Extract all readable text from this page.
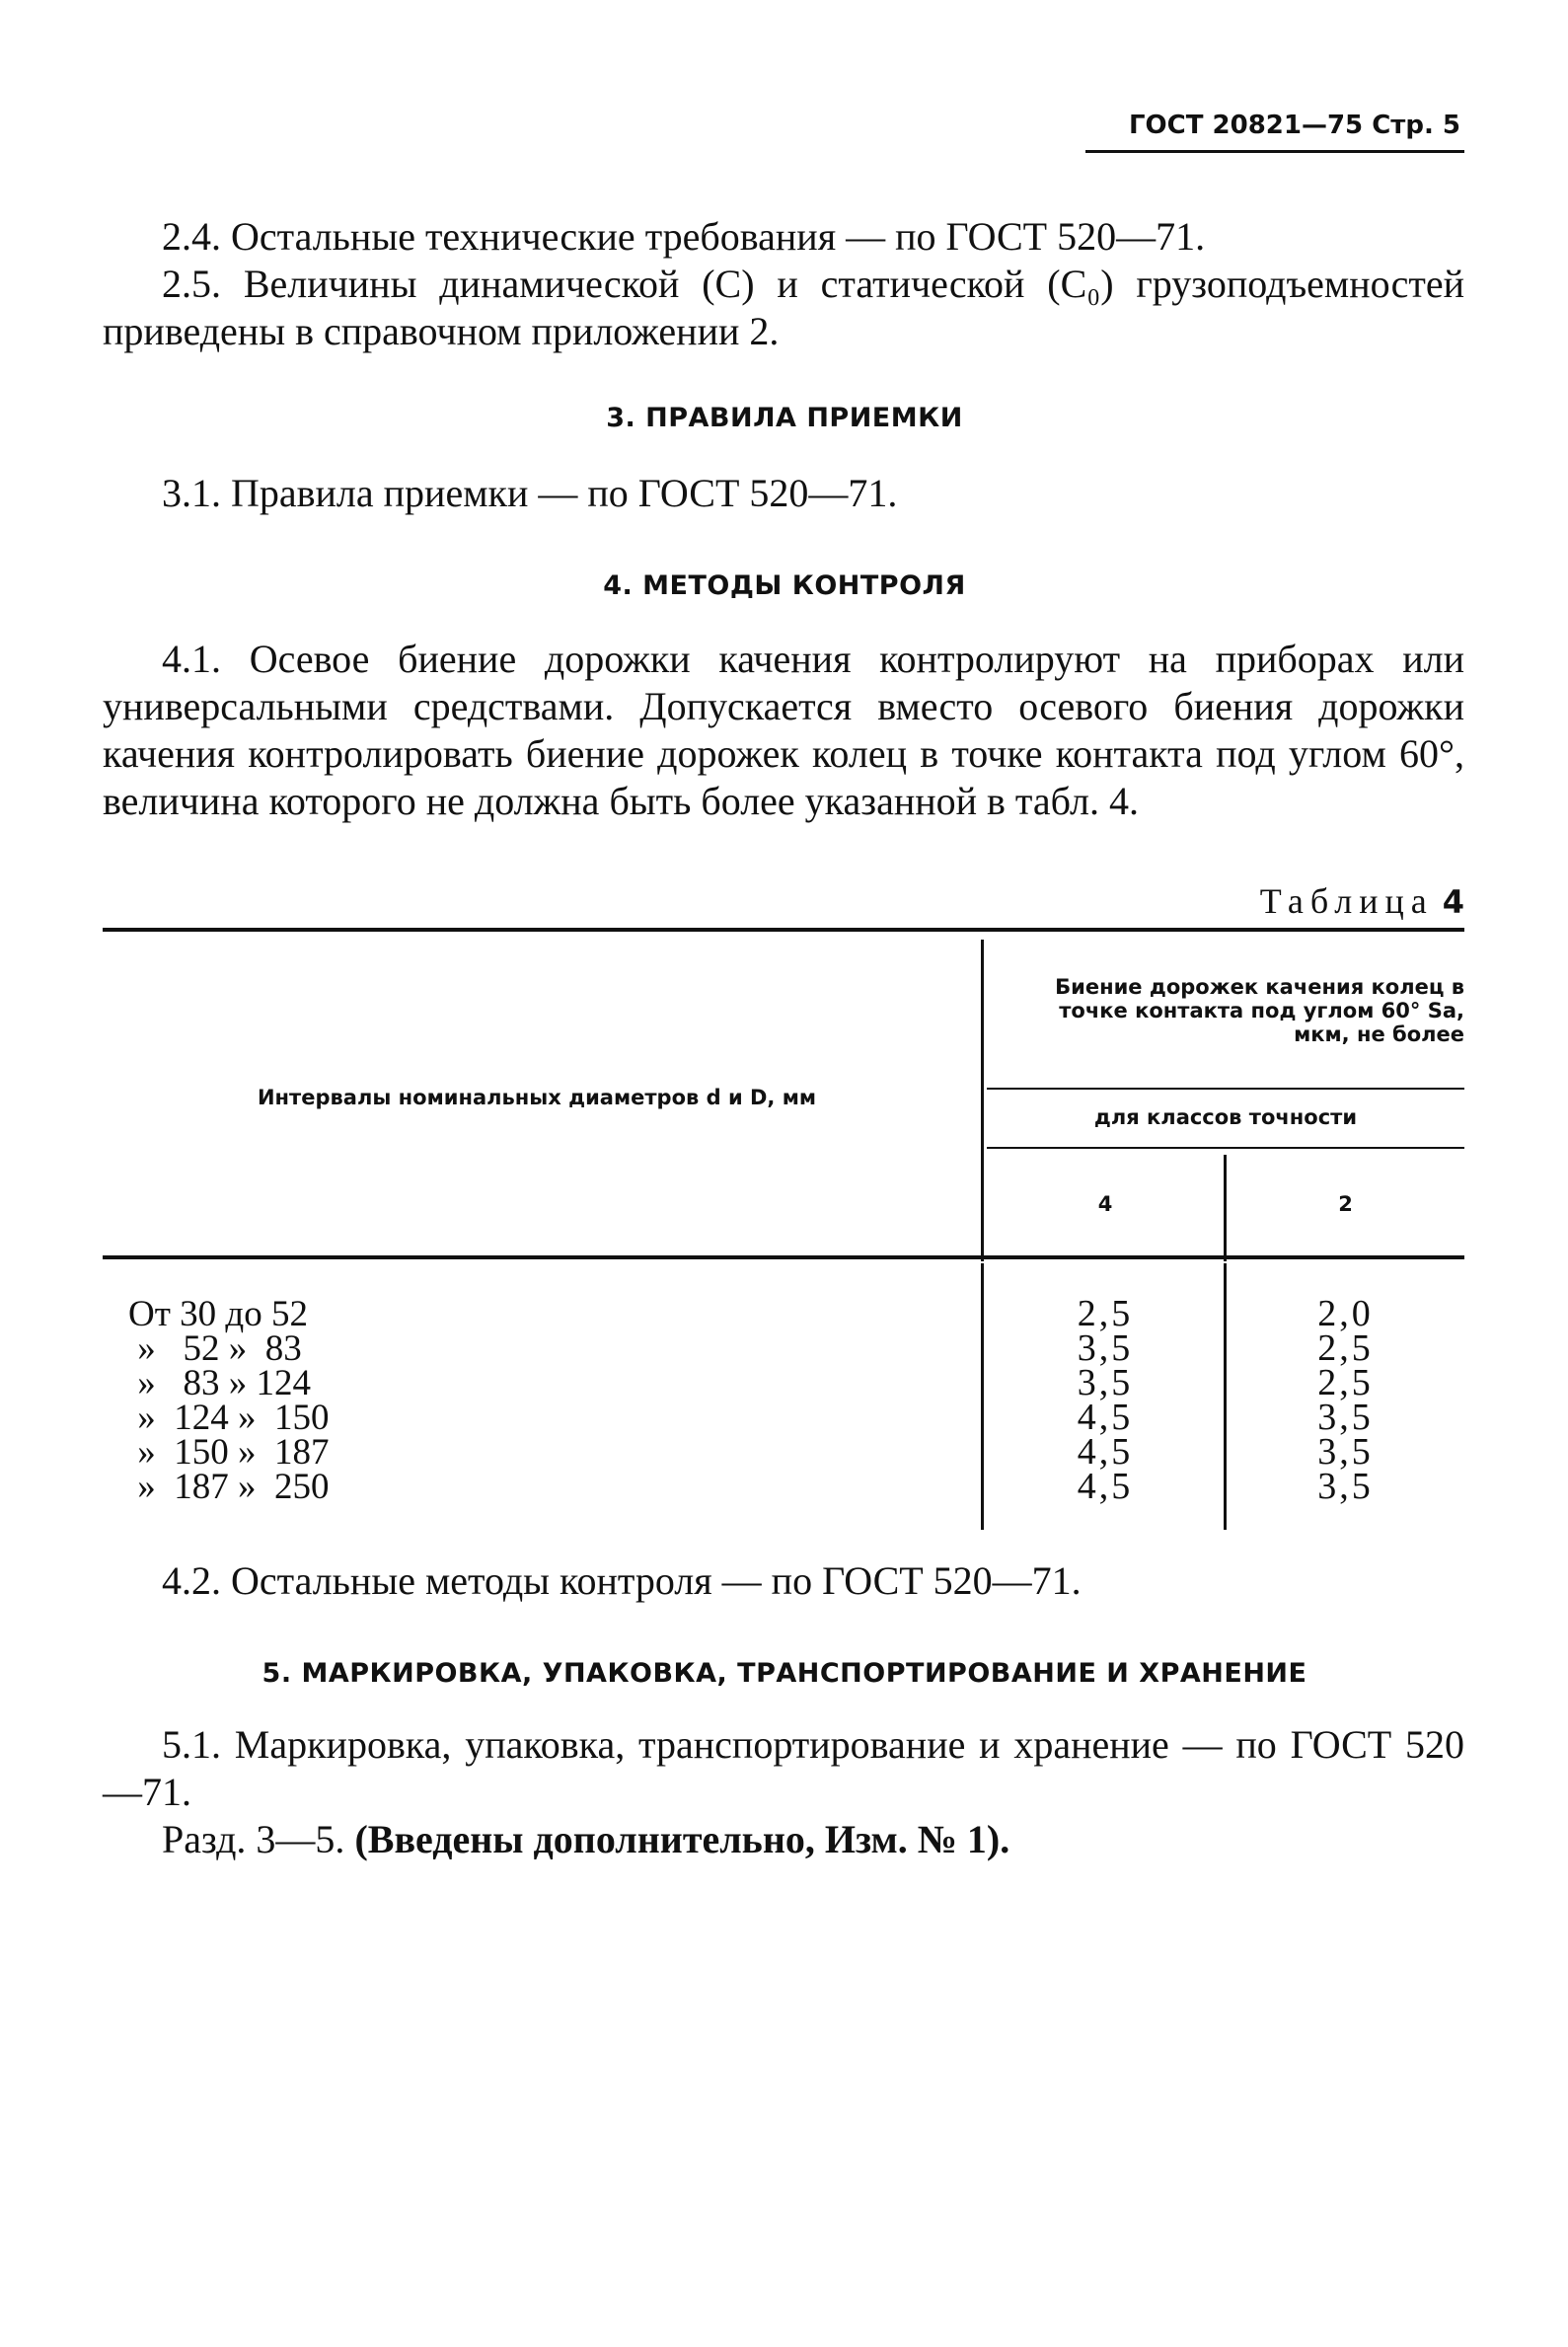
ГОСТ 20821—75 Стр. 5

2.4. Остальные технические требования — по ГОСТ 520—71.

2.5. Величины динамической (C) и статической (C₀) грузоподъемностей приведены в справочном приложении 2.

3. ПРАВИЛА ПРИЕМКИ

3.1. Правила приемки — по ГОСТ 520—71.

4. МЕТОДЫ КОНТРОЛЯ

4.1. Осевое биение дорожки качения контролируют на приборах или универсальными средствами. Допускается вместо осевого биения дорожки качения контролировать биение дорожек колец в точке контакта под углом 60°, величина которого не должна быть более указанной в табл. 4.

Таблица 4
Интервалы номинальных диаметров d и D, мм
Биение дорожек качения колец в точке контакта под углом 60° Sa, мкм, не более
для классов точности
4	2
От 30 до 52
»   52 »  83
»   83 » 124
»  124 »  150
»  150 »  187
»  187 »  250
2,5
3,5
3,5
4,5
4,5
4,5
2,0
2,5
2,5
3,5
3,5
3,5

4.2. Остальные методы контроля — по ГОСТ 520—71.

5. МАРКИРОВКА, УПАКОВКА, ТРАНСПОРТИРОВАНИЕ И ХРАНЕНИЕ

5.1. Маркировка, упаковка, транспортирование и хранение — по ГОСТ 520—71.

Разд. 3—5. (Введены дополнительно, Изм. № 1).
